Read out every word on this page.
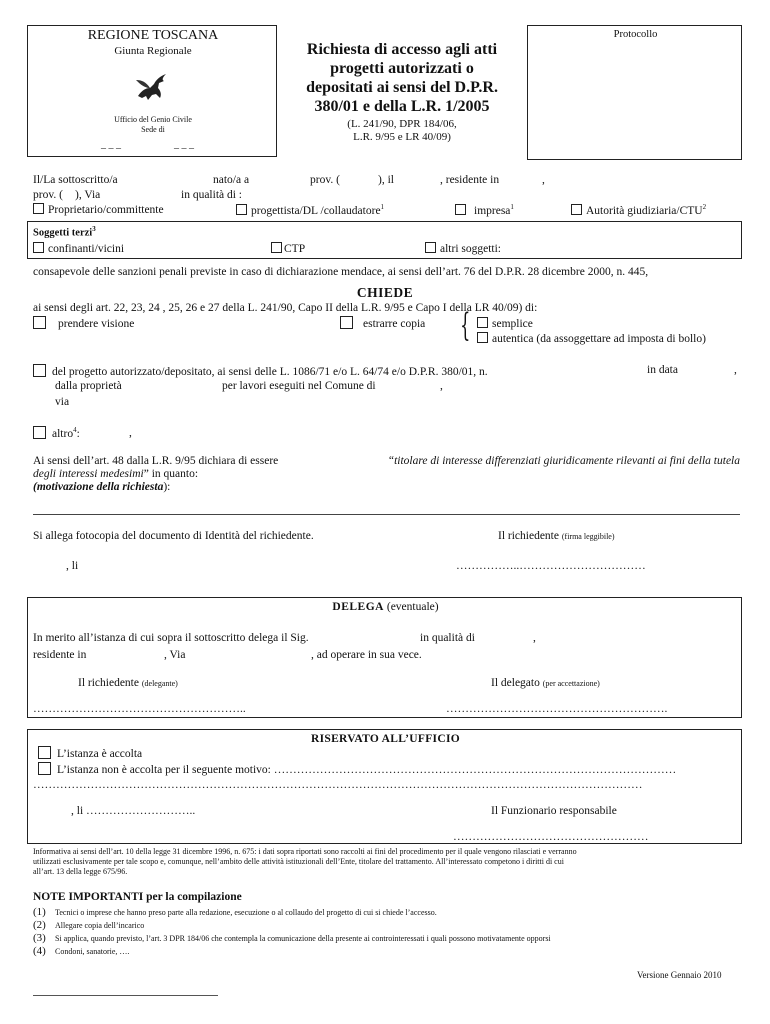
REGIONE TOSCANA
Giunta Regionale
Ufficio del Genio Civile
Sede di
_ _ _	_ _ _
Richiesta di accesso agli atti
progetti autorizzati o
depositati ai sensi del D.P.R.
380/01 e della L.R. 1/2005
(L. 241/90, DPR 184/06,
L.R. 9/95 e LR 40/09)
Protocollo
Il/La sottoscritto/a	nato/a a	prov. (	), il	, residente in	,
prov. ( ), Via	in qualità di :
Proprietario/committente	progettista/DL /collaudatore$^1$	impresa$^1$	Autorità giudiziaria/CTU$^2$
Soggetti terzi$^3$
confinanti/vicini	CTP	altri soggetti:
consapevole delle sanzioni penali previste in caso di dichiarazione mendace, ai sensi dell’art. 76 del D.P.R. 28 dicembre 2000, n. 445,
CHIEDE
ai sensi degli art. 22, 23, 24 , 25, 26 e 27 della L. 241/90, Capo II della L.R. 9/95 e Capo I della LR 40/09) di:
prendere visione	estrarre copia {	semplice
autentica (da assoggettare ad imposta di bollo)
del progetto autorizzato/depositato, ai sensi delle L. 1086/71 e/o L. 64/74 e/o D.P.R. 380/01, n.	in data	,
dalla proprietà	per lavori eseguiti nel Comune di	,
via
altro$^4$:	,
Ai sensi dell’art. 48 dalla L.R. 9/95 dichiara di essere	“titolare di interesse differenziati giuridicamente rilevanti ai fini della tutela
degli interessi medesimi” in quanto:
(motivazione della richiesta):
Si allega fotocopia del documento di Identità del richiedente.	Il richiedente (firma leggibile)
, li	……………..……………………………
DELEGA (eventuale)
In merito all’istanza di cui sopra il sottoscritto delega il Sig.	in qualità di	,
residente in	, Via	, ad operare in sua vece.
Il richiedente (delegante)	Il delegato (per accettazione)
………………………………………………..	………………………………………………….
RISERVATO ALL’UFFICIO
L’istanza è accolta
L’istanza non è accolta per il seguente motivo: ……………………………………………………………………………………………
……………………………………………………………………………………………………………………………………………
, li ………………………..	Il Funzionario responsabile
……………………………………………
Informativa ai sensi dell’art. 10 della legge 31 dicembre 1996, n. 675: i dati sopra riportati sono raccolti ai fini del procedimento per il quale vengono rilasciati e verranno
utilizzati esclusivamente per tale scopo e, comunque, nell’ambito delle attività istituzionali dell’Ente, titolare del trattamento. All’interessato competono i diritti di cui
all’art. 13 della legge 675/96.
NOTE IMPORTANTI per la compilazione
(1) Tecnici o imprese che hanno preso parte alla redazione, esecuzione o al collaudo del progetto di cui si chiede l’accesso.
(2) Allegare copia dell’incarico
(3) Si applica, quando previsto, l’art. 3 DPR 184/06 che contempla la comunicazione della presente ai controinteressati i quali possono motivatamente opporsi
(4) Condoni, sanatorie, ….
Versione Gennaio 2010
